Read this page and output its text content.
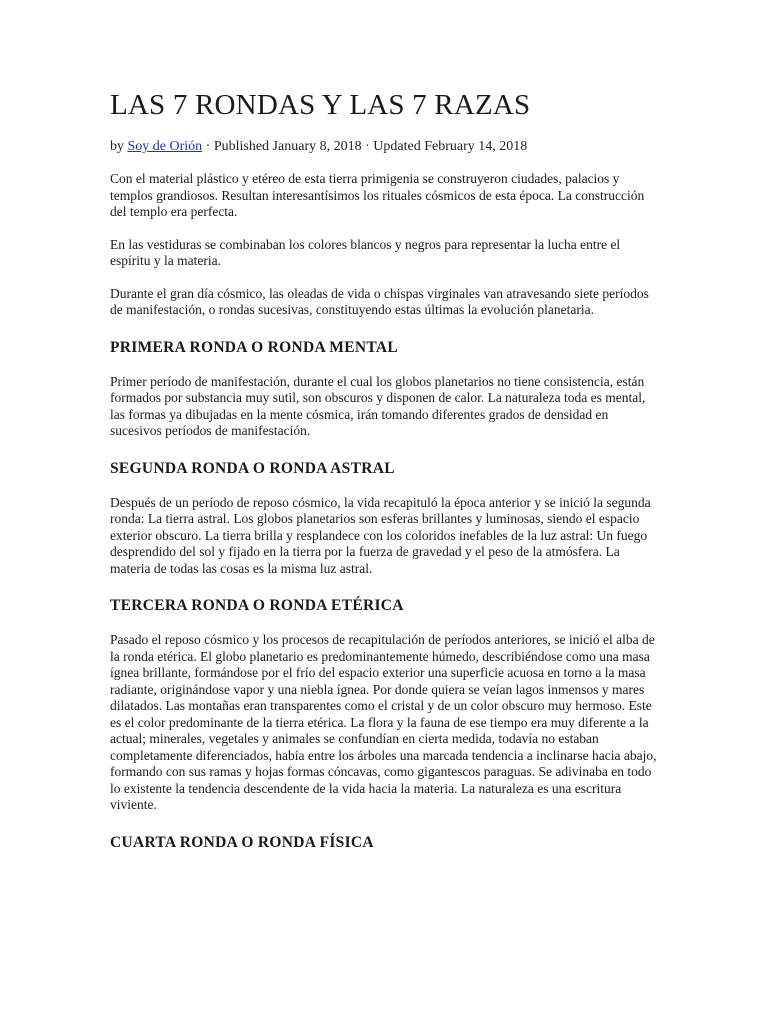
LAS 7 RONDAS Y LAS 7 RAZAS
by Soy de Orión · Published January 8, 2018 · Updated February 14, 2018

Con el material plástico y etéreo de esta tierra primigenia se construyeron ciudades, palacios y templos grandiosos. Resultan interesantísimos los rituales cósmicos de esta época. La construcción del templo era perfecta.

En las vestiduras se combinaban los colores blancos y negros para representar la lucha entre el espíritu y la materia.

Durante el gran día cósmico, las oleadas de vida o chispas virginales van atravesando siete períodos de manifestación, o rondas sucesivas, constituyendo estas últimas la evolución planetaria.

PRIMERA RONDA O RONDA MENTAL

Primer período de manifestación, durante el cual los globos planetarios no tiene consistencia, están formados por substancia muy sutil, son obscuros y disponen de calor. La naturaleza toda es mental, las formas ya dibujadas en la mente cósmica, irán tomando diferentes grados de densidad en sucesivos períodos de manifestación.

SEGUNDA RONDA O RONDA ASTRAL

Después de un período de reposo cósmico, la vida recapituló la época anterior y se inició la segunda ronda: La tierra astral. Los globos planetarios son esferas brillantes y luminosas, siendo el espacio exterior obscuro. La tierra brilla y resplandece con los coloridos inefables de la luz astral: Un fuego desprendido del sol y fijado en la tierra por la fuerza de gravedad y el peso de la atmósfera. La materia de todas las cosas es la misma luz astral.

TERCERA RONDA O RONDA ETÉRICA

Pasado el reposo cósmico y los procesos de recapitulación de períodos anteriores, se inició el alba de la ronda etérica. El globo planetario es predominantemente húmedo, describiéndose como una masa ígnea brillante, formándose por el frío del espacio exterior una superficie acuosa en torno a la masa radiante, originándose vapor y una niebla ígnea. Por donde quiera se veían lagos inmensos y mares dilatados. Las montañas eran transparentes como el cristal y de un color obscuro muy hermoso. Este es el color predominante de la tierra etérica. La flora y la fauna de ese tiempo era muy diferente a la actual; minerales, vegetales y animales se confundían en cierta medida, todavía no estaban completamente diferenciados, había entre los árboles una marcada tendencia a inclinarse hacia abajo, formando con sus ramas y hojas formas cóncavas, como gigantescos paraguas. Se adivinaba en todo lo existente la tendencia descendente de la vida hacia la materia. La naturaleza es una escritura viviente.

CUARTA RONDA O RONDA FÍSICA
